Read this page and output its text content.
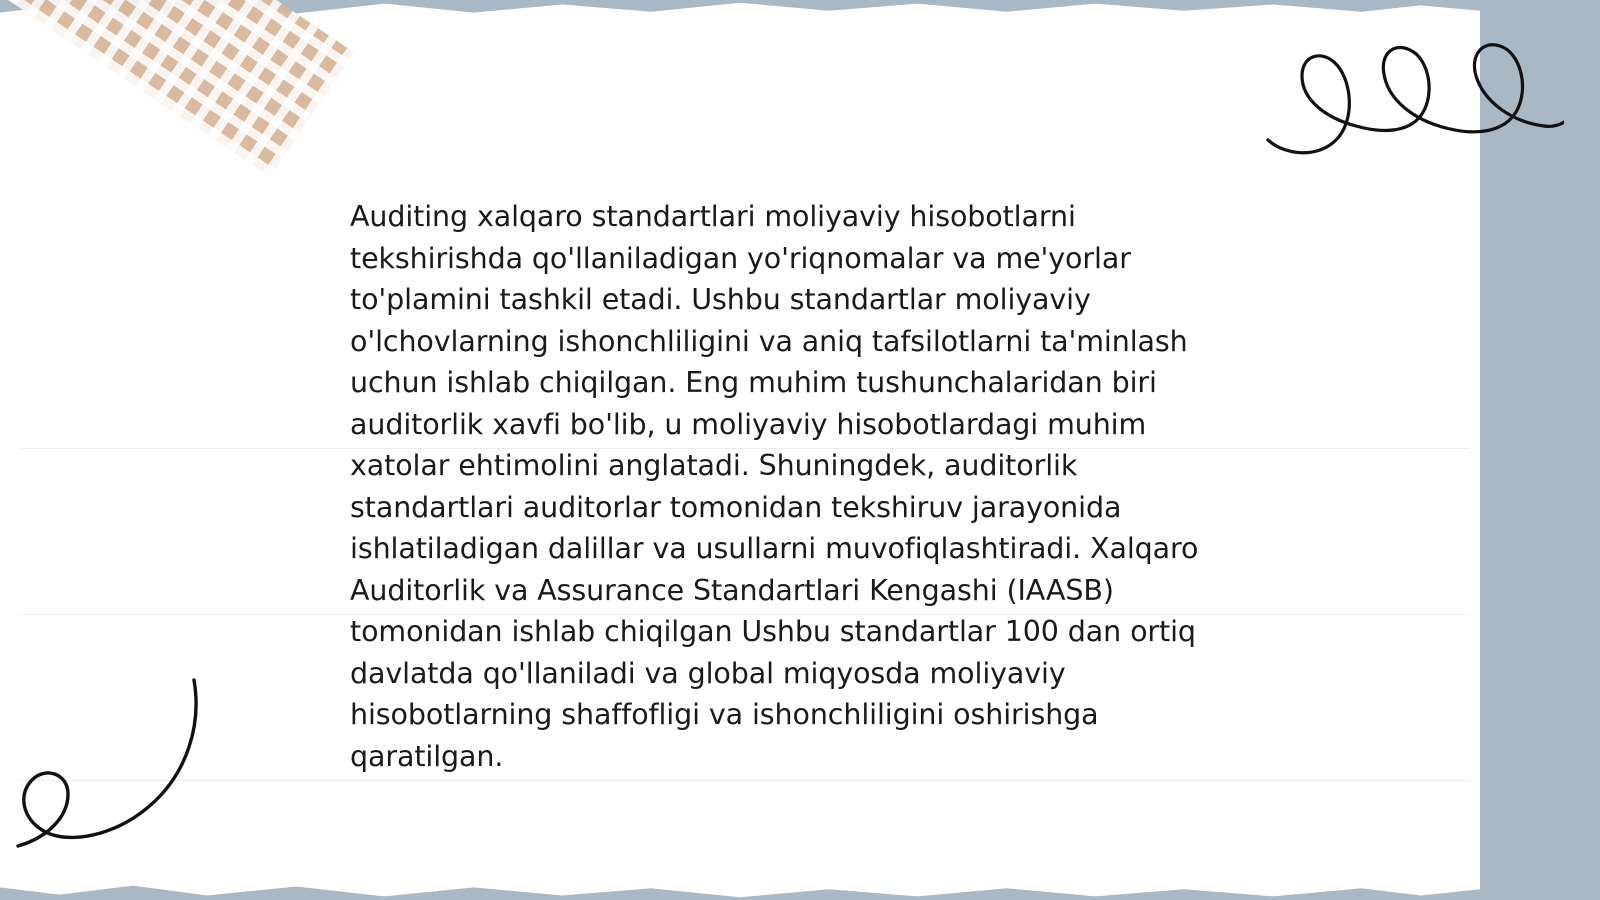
Auditing xalqaro standartlari moliyaviy hisobotlarni tekshirishda qo'llaniladigan yo'riqnomalar va me'yorlar to'plamini tashkil etadi. Ushbu standartlar moliyaviy o'lchovlarning ishonchliligini va aniq tafsilotlarni ta'minlash uchun ishlab chiqilgan. Eng muhim tushunchalaridan biri auditorlik xavfi bo'lib, u moliyaviy hisobotlardagi muhim xatolar ehtimolini anglatadi. Shuningdek, auditorlik standartlari auditorlar tomonidan tekshiruv jarayonida ishlatiladigan dalillar va usullarni muvofiqlashtiradi. Xalqaro Auditorlik va Assurance Standartlari Kengashi (IAASB) tomonidan ishlab chiqilgan Ushbu standartlar 100 dan ortiq davlatda qo'llaniladi va global miqyosda moliyaviy hisobotlarning shaffofligi va ishonchliligini oshirishga qaratilgan.
